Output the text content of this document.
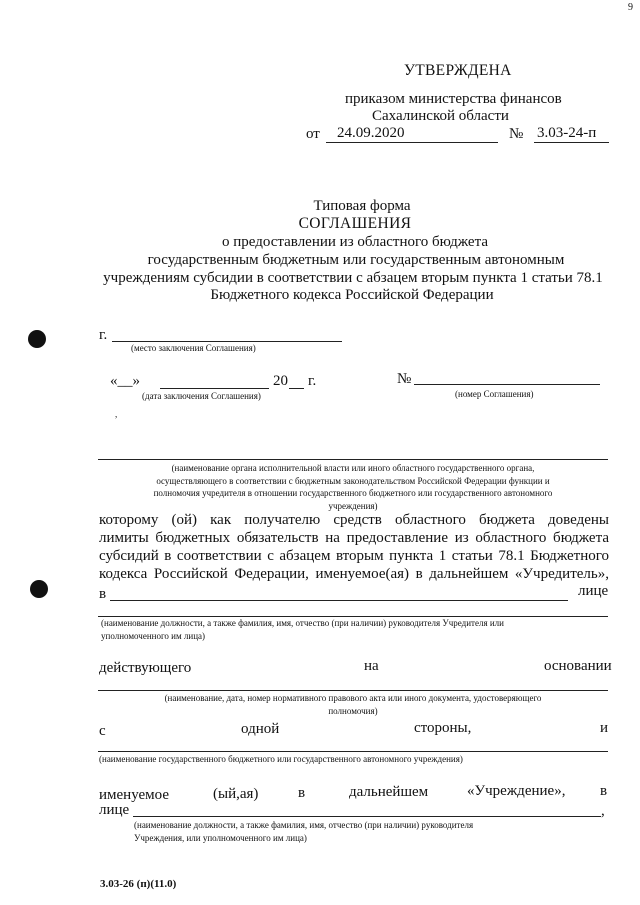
9
УТВЕРЖДЕНА
приказом министерства финансов
Сахалинской области
от 24.09.2020	№ 3.03-24-п
Типовая форма
СОГЛАШЕНИЯ
о предоставлении из областного бюджета
государственным бюджетным или государственным автономным
учреждениям субсидии в соответствии с абзацем вторым пункта 1 статьи 78.1
Бюджетного кодекса Российской Федерации
г.
(место заключения Соглашения)
«__»	20 г.
(дата заключения Соглашения)
№
(номер Соглашения)
,
(наименование органа исполнительной власти или иного областного государственного органа,
осуществляющего в соответствии с бюджетным законодательством Российской Федерации функции и
полномочия учредителя в отношении государственного бюджетного или государственного автономного
учреждения)
которому (ой) как получателю средств областного бюджета доведены
лимиты бюджетных обязательств на предоставление из областного бюджета
субсидий в соответствии с абзацем вторым пункта 1 статьи 78.1 Бюджетного
кодекса Российской Федерации, именуемое(ая) в дальнейшем «Учредитель»,
в	лице
(наименование должности, а также фамилия, имя, отчество (при наличии) руководителя Учредителя или
уполномоченного им лица)
действующего	на	основании
(наименование, дата, номер нормативного правового акта или иного документа, удостоверяющего
полномочия)
с	одной	стороны,	и
(наименование государственного бюджетного или государственного автономного учреждения)
именуемое	(ый,ая)	в	дальнейшем	«Учреждение», в
лице	,
(наименование должности, а также фамилия, имя, отчество (при наличии) руководителя
Учреждения, или уполномоченного им лица)
3.03-26 (п)(11.0)
